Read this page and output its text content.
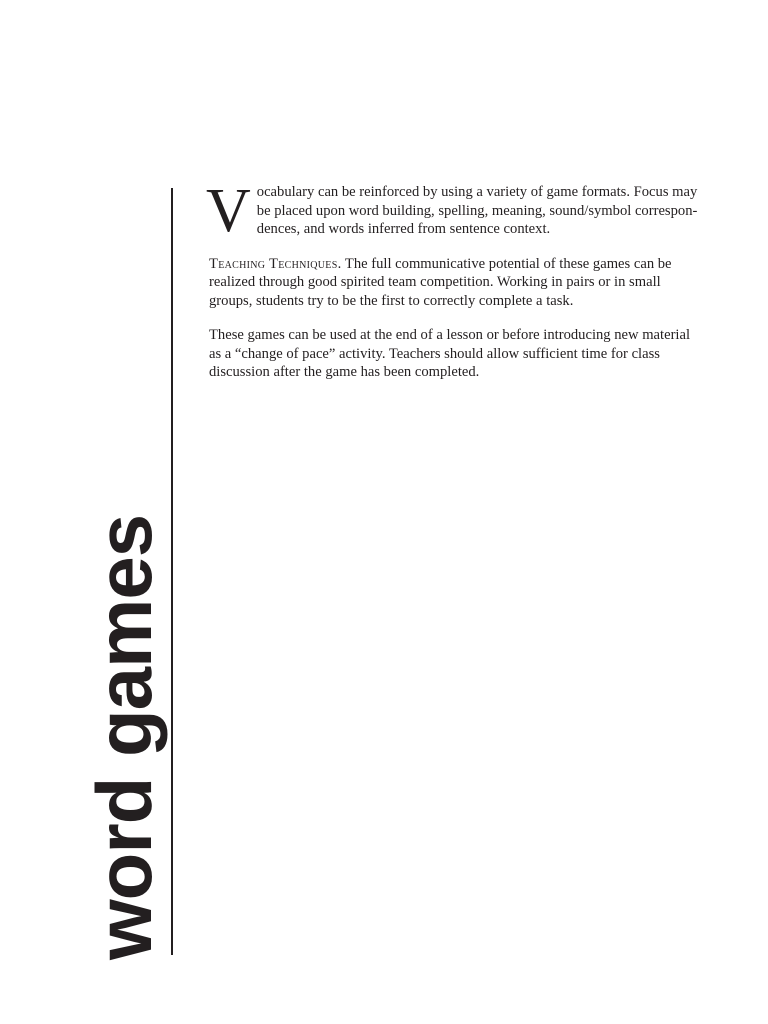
word games

Vocabulary can be reinforced by using a variety of game formats. Focus may be placed upon word building, spelling, meaning, sound/symbol correspon-dences, and words inferred from sentence context.

Teaching Techniques. The full communicative potential of these games can be realized through good spirited team competition. Working in pairs or in small groups, students try to be the first to correctly complete a task.

These games can be used at the end of a lesson or before introducing new material as a “change of pace” activity. Teachers should allow sufficient time for class discussion after the game has been completed.
